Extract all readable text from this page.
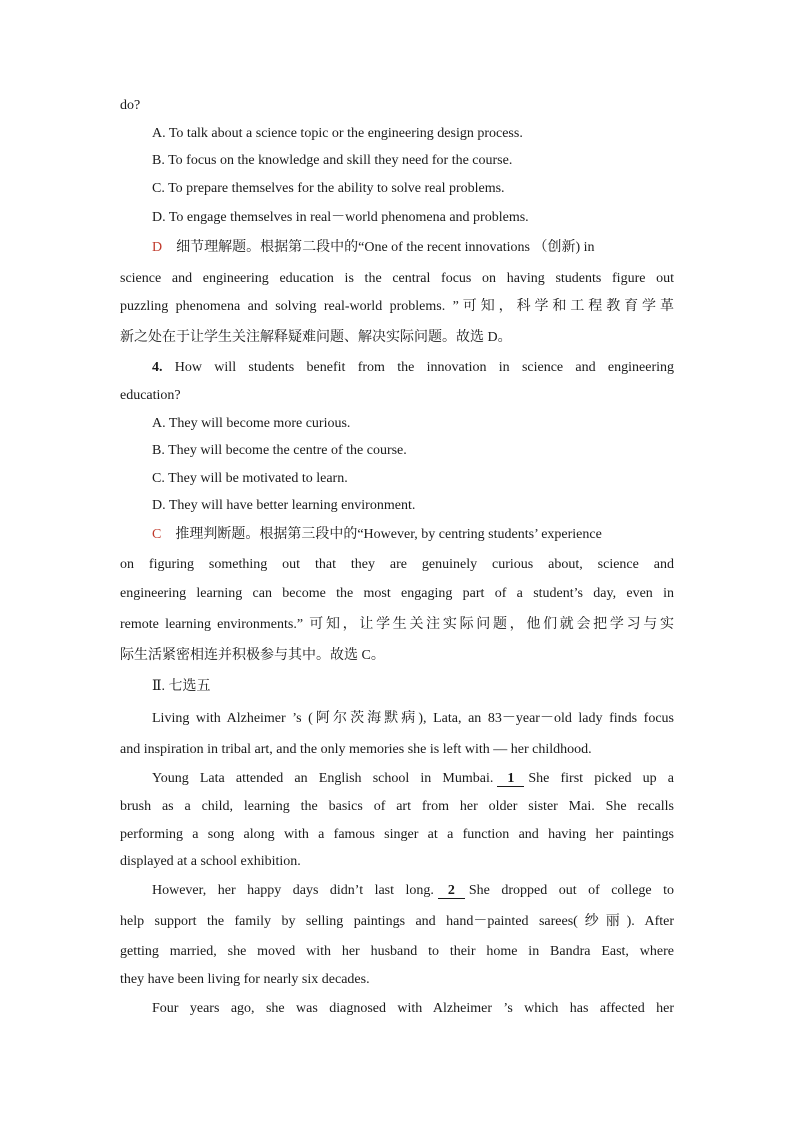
do?
A. To talk about a science topic or the engineering design process.
B. To focus on the knowledge and skill they need for the course.
C. To prepare themselves for the ability to solve real problems.
D. To engage themselves in real－world phenomena and problems.
D 细节理解题。根据第二段中的“One of the recent innovations （创新) in
science and engineering education is the central focus on having students figure out
puzzling phenomena and solving real-world problems. ”可知，科学和工程教育学革
新之处在于让学生关注解释疑难问题、解决实际问题。故选 D。
4. How will students benefit from the innovation in science and engineering
education?
A. They will become more curious.
B. They will become the centre of the course.
C. They will be motivated to learn.
D. They will have better learning environment.
C 推理判断题。根据第三段中的“However, by centring students’ experience
on figuring something out that they are genuinely curious about, science and
engineering learning can become the most engaging part of a student’s day, even in
remote learning environments.” 可知，让学生关注实际问题，他们就会把学习与实
际生活紧密相连并积极参与其中。故选 C。
Ⅱ. 七选五
Living with Alzheimer ’s (阿尔茨海默病), Lata, an 83－year－old lady finds focus
and inspiration in tribal art, and the only memories she is left with — her childhood.
Young Lata attended an English school in Mumbai. 1 She first picked up a
brush as a child, learning the basics of art from her older sister Mai. She recalls
performing a song along with a famous singer at a function and having her paintings
displayed at a school exhibition.
However, her happy days didn’t last long. 2 She dropped out of college to
help support the family by selling paintings and hand－painted sarees(纱丽). After
getting married, she moved with her husband to their home in Bandra East, where
they have been living for nearly six decades.
Four years ago, she was diagnosed with Alzheimer ’s which has affected her
